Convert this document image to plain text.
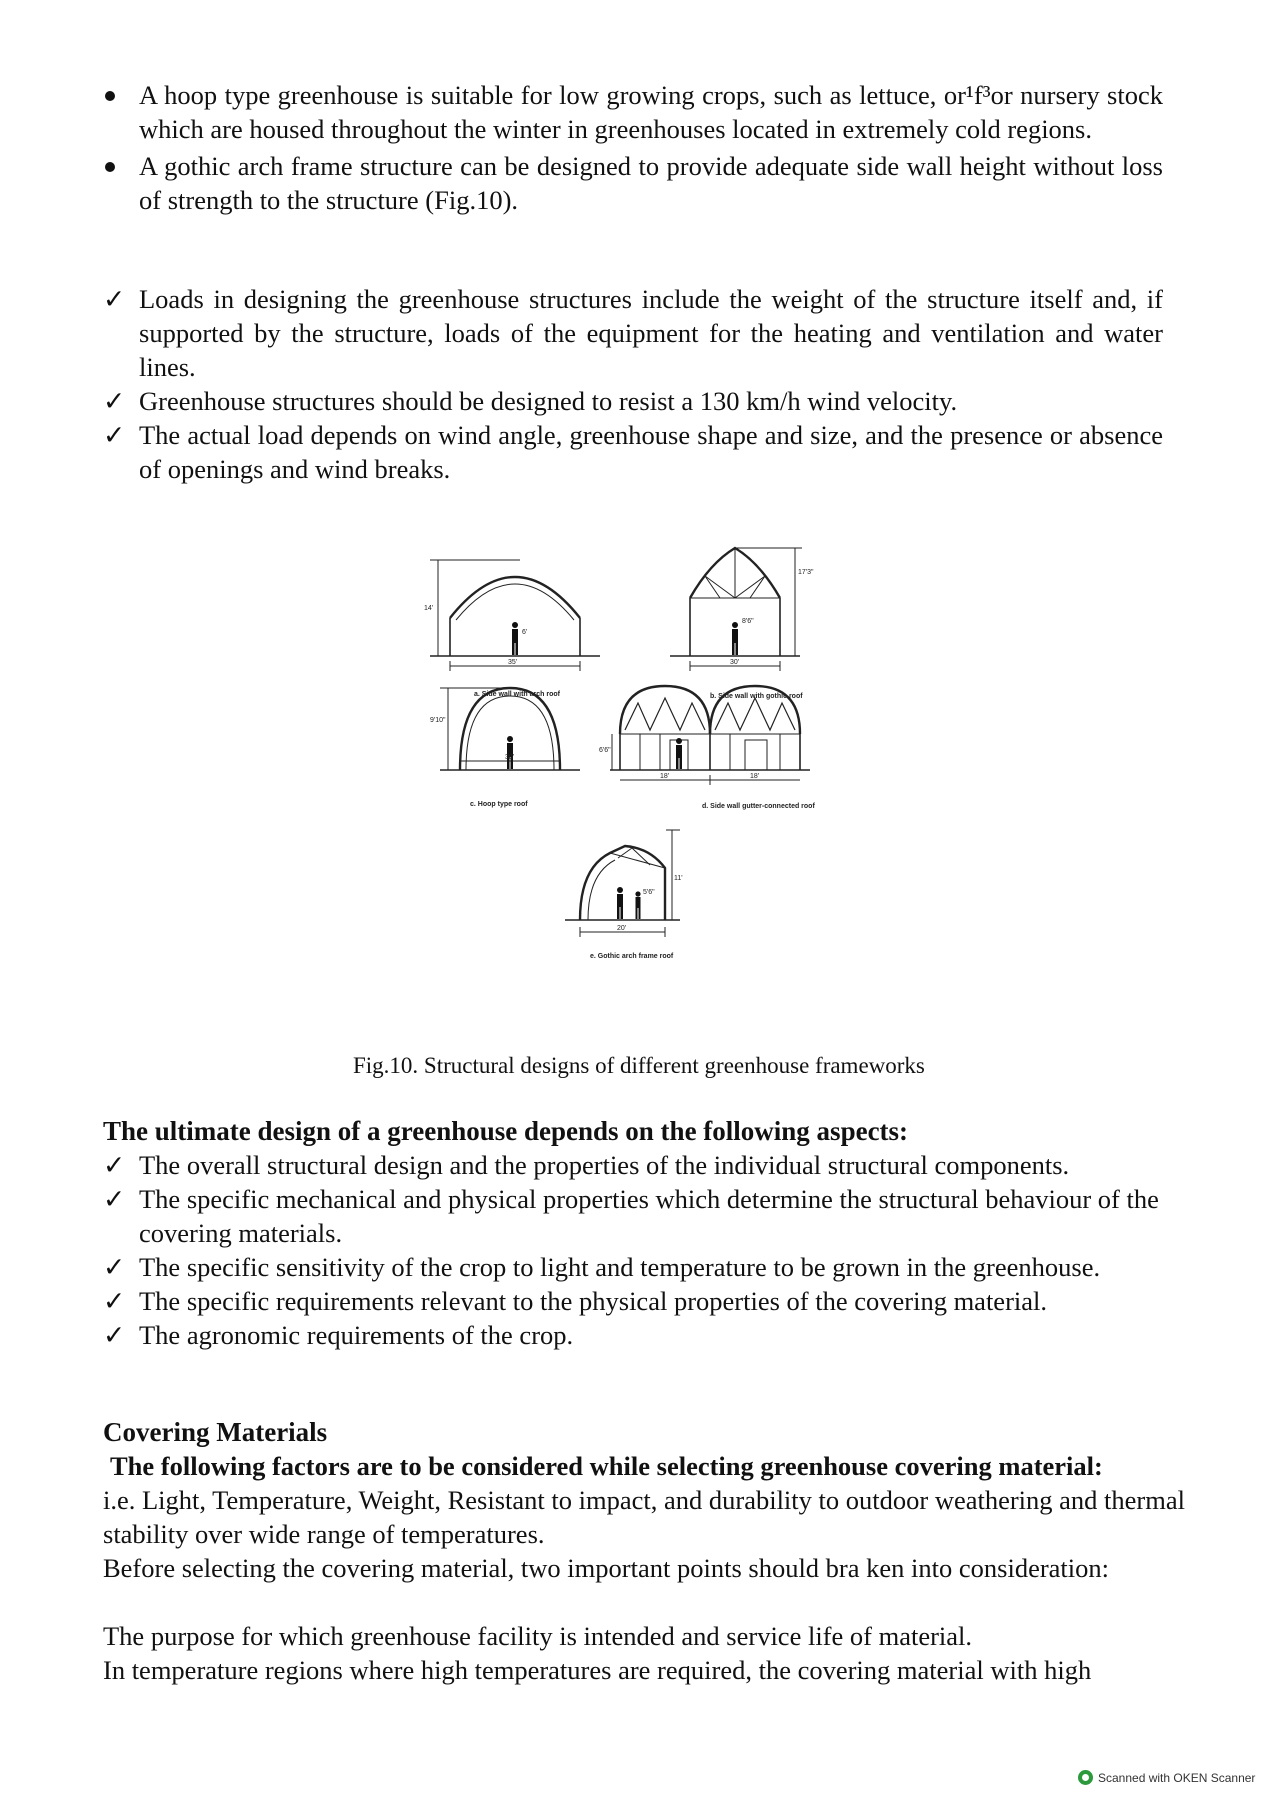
A hoop type greenhouse is suitable for low growing crops, such as lettuce, or¹f³or nursery stock which are housed throughout the winter in greenhouses located in extremely cold regions.
A gothic arch frame structure can be designed to provide adequate side wall height without loss of strength to the structure (Fig.10).
✓ Loads in designing the greenhouse structures include the weight of the structure itself and, if supported by the structure, loads of the equipment for the heating and ventilation and water lines.
✓ Greenhouse structures should be designed to resist a 130 km/h wind velocity.
✓ The actual load depends on wind angle, greenhouse shape and size, and the presence or absence of openings and wind breaks.
14'
35'
6'
17'3"
30'
8'6"
9'10"
30'
6'6"
18'	18'
11'
20'
5'6"
a. Side wall with arch roof	b. Side wall with gothic roof
c. Hoop type roof	d. Side wall gutter-connected roof
e. Gothic arch frame roof
Fig.10. Structural designs of different greenhouse frameworks
The ultimate design of a greenhouse depends on the following aspects:
✓ The overall structural design and the properties of the individual structural components.
✓ The specific mechanical and physical properties which determine the structural behaviour of the covering materials.
✓ The specific sensitivity of the crop to light and temperature to be grown in the greenhouse.
✓ The specific requirements relevant to the physical properties of the covering material.
✓ The agronomic requirements of the crop.
Covering Materials
The following factors are to be considered while selecting greenhouse covering material:
i.e. Light, Temperature, Weight, Resistant to impact, and durability to outdoor weathering and thermal stability over wide range of temperatures.
Before selecting the covering material, two important points should bra ken into consideration:
The purpose for which greenhouse facility is intended and service life of material.
In temperature regions where high temperatures are required, the covering material with high
Scanned with OKEN Scanner
